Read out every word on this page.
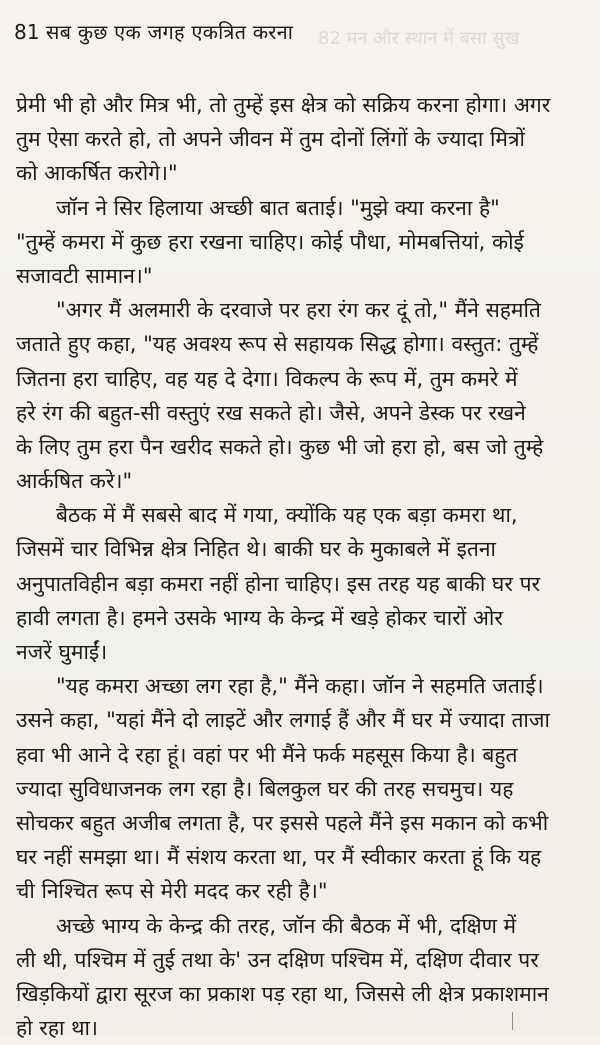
81 सब कुछ एक जगह एकत्रित करना 82 मन और स्थान में बसा सुख
प्रेमी भी हो और मित्र भी, तो तुम्हें इस क्षेत्र को सक्रिय करना होगा। अगर
तुम ऐसा करते हो, तो अपने जीवन में तुम दोनों लिंगों के ज्यादा मित्रों
को आकर्षित करोगे।"
जॉन ने सिर हिलाया अच्छी बात बताई। "मुझे क्या करना है"
"तुम्हें कमरा में कुछ हरा रखना चाहिए। कोई पौधा, मोमबत्तियां, कोई
सजावटी सामान।"
"अगर मैं अलमारी के दरवाजे पर हरा रंग कर दूं तो," मैंने सहमति
जताते हुए कहा, "यह अवश्य रूप से सहायक सिद्ध होगा। वस्तुत: तुम्हें
जितना हरा चाहिए, वह यह दे देगा। विकल्प के रूप में, तुम कमरे में
हरे रंग की बहुत-सी वस्तुएं रख सकते हो। जैसे, अपने डेस्क पर रखने
के लिए तुम हरा पैन खरीद सकते हो। कुछ भी जो हरा हो, बस जो तुम्हे
आर्कषित करे।"
बैठक में मैं सबसे बाद में गया, क्योंकि यह एक बड़ा कमरा था,
जिसमें चार विभिन्न क्षेत्र निहित थे। बाकी घर के मुकाबले में इतना
अनुपातविहीन बड़ा कमरा नहीं होना चाहिए। इस तरह यह बाकी घर पर
हावी लगता है। हमने उसके भाग्य के केन्द्र में खड़े होकर चारों ओर
नजरें घुमाईं।
"यह कमरा अच्छा लग रहा है," मैंने कहा। जॉन ने सहमति जताई।
उसने कहा, "यहां मैंने दो लाइटें और लगाई हैं और मैं घर में ज्यादा ताजा
हवा भी आने दे रहा हूं। वहां पर भी मैंने फर्क महसूस किया है। बहुत
ज्यादा सुविधाजनक लग रहा है। बिलकुल घर की तरह सचमुच। यह
सोचकर बहुत अजीब लगता है, पर इससे पहले मैंने इस मकान को कभी
घर नहीं समझा था। मैं संशय करता था, पर मैं स्वीकार करता हूं कि यह
ची निश्चित रूप से मेरी मदद कर रही है।"
अच्छे भाग्य के केन्द्र की तरह, जॉन की बैठक में भी, दक्षिण में
ली थी, पश्चिम में तुई तथा के' उन दक्षिण पश्चिम में, दक्षिण दीवार पर
खिड़कियों द्वारा सूरज का प्रकाश पड़ रहा था, जिससे ली क्षेत्र प्रकाशमान
हो रहा था।
